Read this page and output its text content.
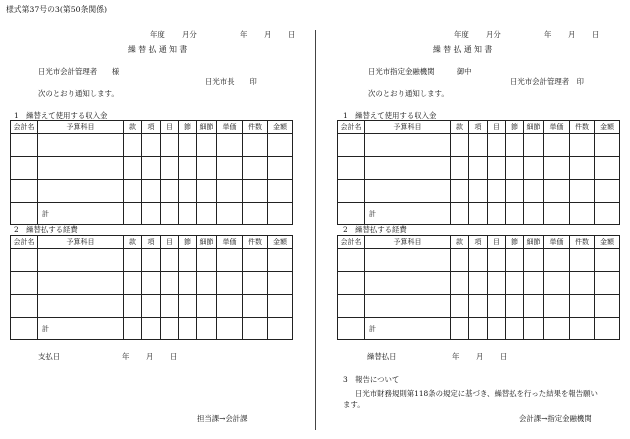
様式第37号の3(第50条関係)
年度 月分	年 月 日
繰 替 払 通 知 書
日光市会計管理者　　様
日光市長　　印
次のとおり通知します。
1　繰替えて使用する収入金
会計名	予算科目	款	項	目	節	細節	単価	件数	金額

	計								
2　繰替払する経費
会計名	予算科目	款	項	目	節	細節	単価	件数	金額

	計								
支払日	年 月 日
担当課→会計課
年度 月分	年 月 日
繰 替 払 通 知 書
日光市指定金融機関　　　御中
日光市会計管理者　印
次のとおり通知します。
1　繰替えて使用する収入金
会計名	予算科目	款	項	目	節	細節	単価	件数	金額

	計								
2　繰替払する経費
会計名	予算科目	款	項	目	節	細節	単価	件数	金額

	計								
繰替払日	年 月 日
3　報告について
日光市財務規則第118条の規定に基づき、繰替払を行った結果を報告願い
ます。
会計課→指定金融機関
